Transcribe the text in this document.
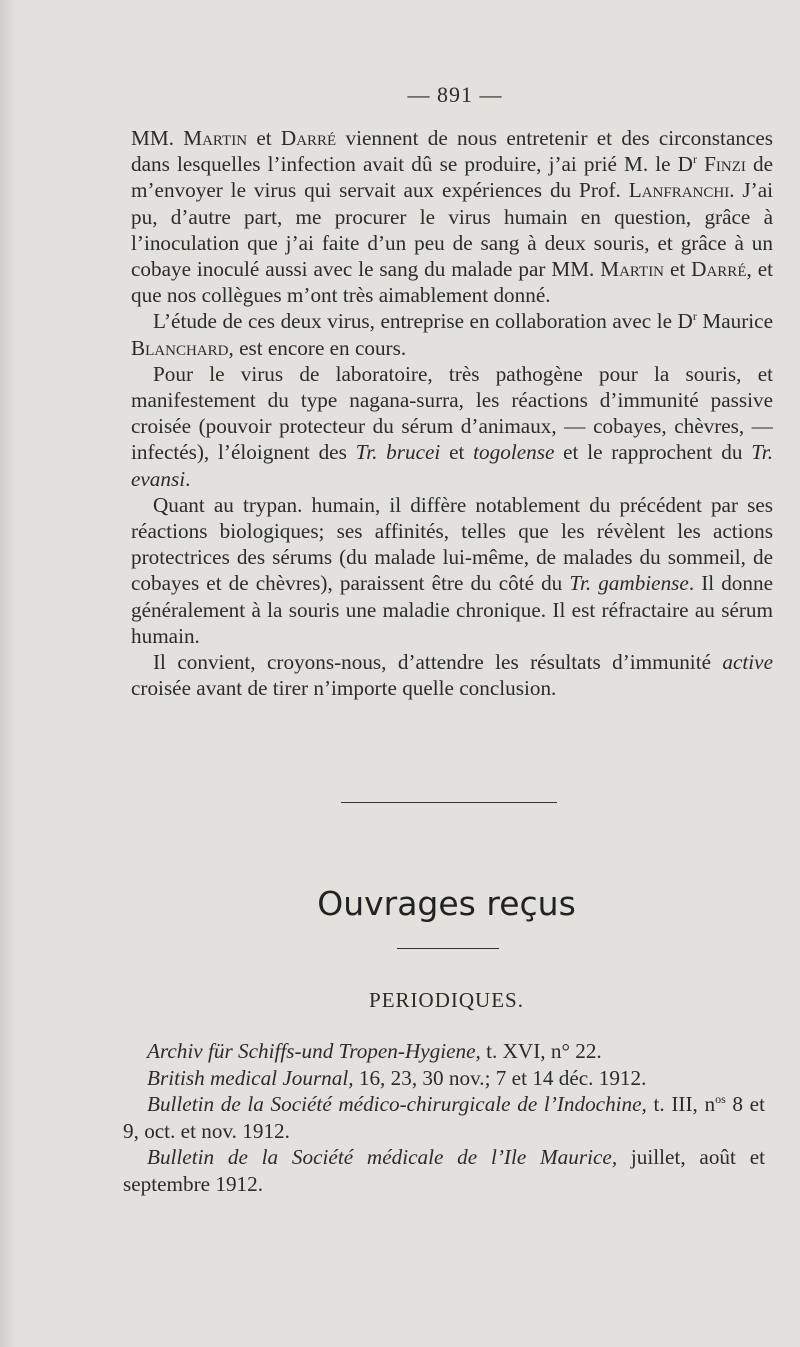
— 891 —

MM. Martin et Darré viennent de nous entretenir et des circonstances dans lesquelles l’infection avait dû se produire, j’ai prié M. le $D^r$ Finzi de m’envoyer le virus qui servait aux expériences du Prof. Lanfranchi. J’ai pu, d’autre part, me procurer le virus humain en question, grâce à l’inoculation que j’ai faite d’un peu de sang à deux souris, et grâce à un cobaye inoculé aussi avec le sang du malade par MM. Martin et Darré, et que nos collègues m’ont très aimablement donné.

L’étude de ces deux virus, entreprise en collaboration avec le $D^r$ Maurice Blanchard, est encore en cours.

Pour le virus de laboratoire, très pathogène pour la souris, et manifestement du type nagana-surra, les réactions d’immunité passive croisée (pouvoir protecteur du sérum d’animaux, — cobayes, chèvres, — infectés), l’éloignent des Tr. brucei et togolense et le rapprochent du Tr. evansi.

Quant au trypan. humain, il diffère notablement du précédent par ses réactions biologiques; ses affinités, telles que les révèlent les actions protectrices des sérums (du malade lui-même, de malades du sommeil, de cobayes et de chèvres), paraissent être du côté du Tr. gambiense. Il donne généralement à la souris une maladie chronique. Il est réfractaire au sérum humain.

Il convient, croyons-nous, d’attendre les résultats d’immunité active croisée avant de tirer n’importe quelle conclusion.

Ouvrages reçus
PERIODIQUES.

Archiv für Schiffs-und Tropen-Hygiene, t. XVI, n° 22.

British medical Journal, 16, 23, 30 nov.; 7 et 14 déc. 1912.

Bulletin de la Société médico-chirurgicale de l’Indochine, t. III, $n^{os}$ 8 et 9, oct. et nov. 1912.

Bulletin de la Société médicale de l’Ile Maurice, juillet, août et septembre 1912.
